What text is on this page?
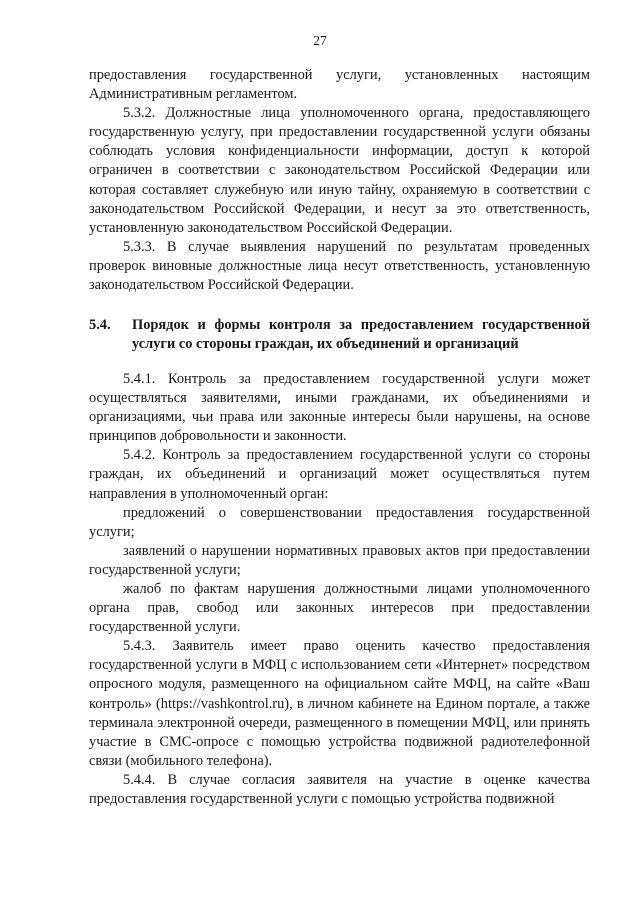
27

предоставления государственной услуги, установленных настоящим Административным регламентом.

5.3.2. Должностные лица уполномоченного органа, предоставляющего государственную услугу, при предоставлении государственной услуги обязаны соблюдать условия конфиденциальности информации, доступ к которой ограничен в соответствии с законодательством Российской Федерации или которая составляет служебную или иную тайну, охраняемую в соответствии с законодательством Российской Федерации, и несут за это ответственность, установленную законодательством Российской Федерации.

5.3.3. В случае выявления нарушений по результатам проведенных проверок виновные должностные лица несут ответственность, установленную законодательством Российской Федерации.

5.4. Порядок и формы контроля за предоставлением государственной услуги со стороны граждан, их объединений и организаций

5.4.1. Контроль за предоставлением государственной услуги может осуществляться заявителями, иными гражданами, их объединениями и организациями, чьи права или законные интересы были нарушены, на основе принципов добровольности и законности.

5.4.2. Контроль за предоставлением государственной услуги со стороны граждан, их объединений и организаций может осуществляться путем направления в уполномоченный орган:

предложений о совершенствовании предоставления государственной услуги;

заявлений о нарушении нормативных правовых актов при предоставлении государственной услуги;

жалоб по фактам нарушения должностными лицами уполномоченного органа прав, свобод или законных интересов при предоставлении государственной услуги.

5.4.3. Заявитель имеет право оценить качество предоставления государственной услуги в МФЦ с использованием сети «Интернет» посредством опросного модуля, размещенного на официальном сайте МФЦ, на сайте «Ваш контроль» (https://vashkontrol.ru), в личном кабинете на Едином портале, а также терминала электронной очереди, размещенного в помещении МФЦ, или принять участие в СМС-опросе с помощью устройства подвижной радиотелефонной связи (мобильного телефона).

5.4.4. В случае согласия заявителя на участие в оценке качества предоставления государственной услуги с помощью устройства подвижной
